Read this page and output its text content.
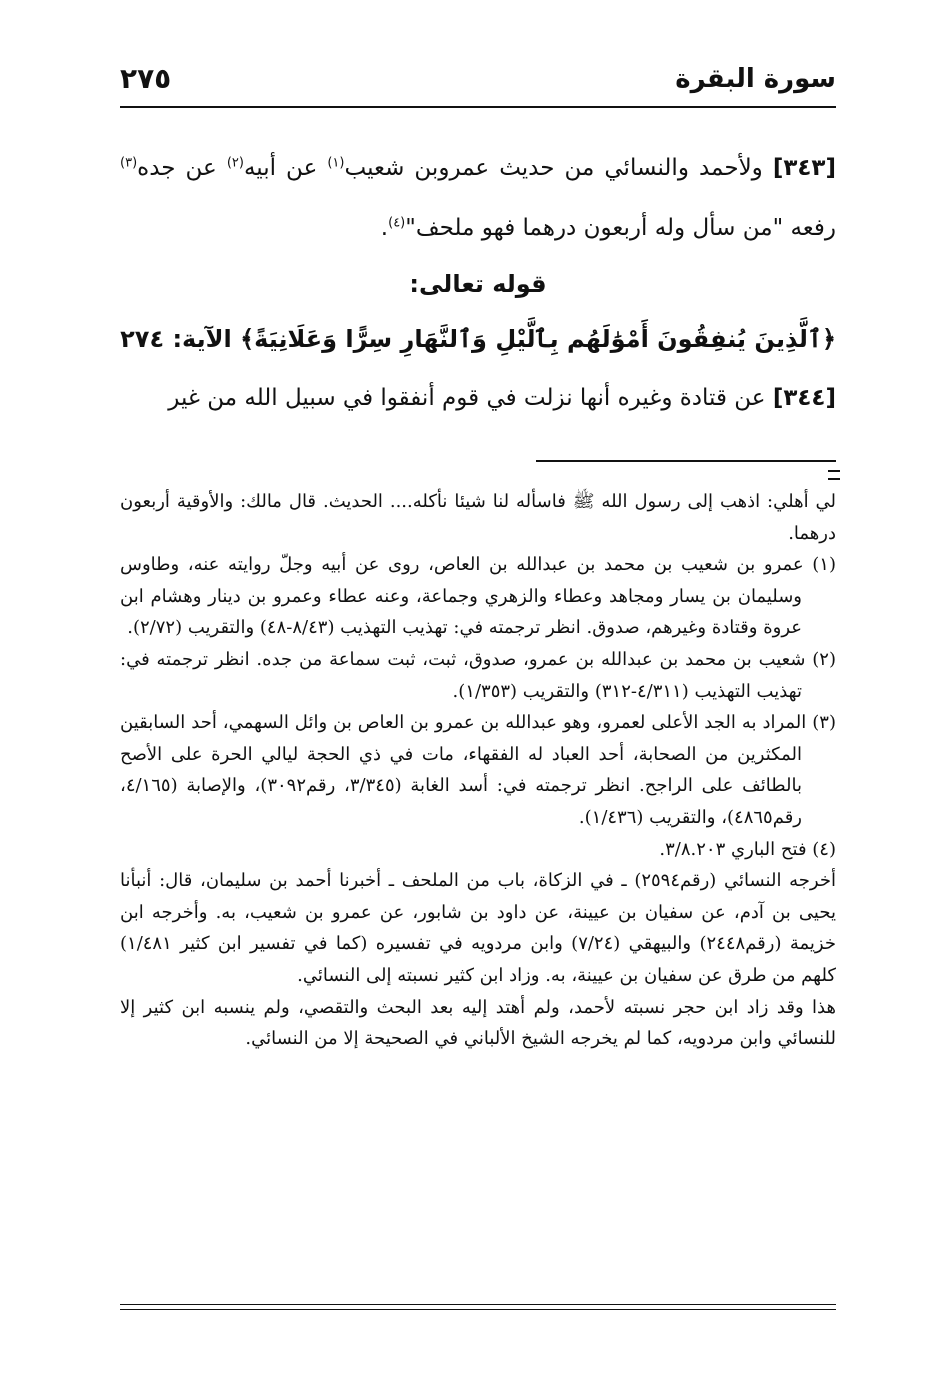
سورة البقرة
٢٧٥

[٣٤٣] ولأحمد والنسائي من حديث عمروبن شعيب$^{(١)}$ عن أبيه$^{(٢)}$ عن جده$^{(٣)}$ رفعه "من سأل وله أربعون درهما فهو ملحف"$^{(٤)}$.

قوله تعالى:

﴿ٱلَّذِينَ يُنفِقُونَ أَمْوَٰلَهُم بِٱلَّيْلِ وَٱلنَّهَارِ سِرًّا وَعَلَانِيَةً﴾ الآية: ٢٧٤

[٣٤٤] عن قتادة وغيره أنها نزلت في قوم أنفقوا في سبيل الله من غير

لي أهلي: اذهب إلى رسول الله ﷺ فاسأله لنا شيئا نأكله.... الحديث. قال مالك: والأوقية أربعون درهما.

(١) عمرو بن شعيب بن محمد بن عبدالله بن العاص، روى عن أبيه وجلّ روايته عنه، وطاوس وسليمان بن يسار ومجاهد وعطاء والزهري وجماعة، وعنه عطاء وعمرو بن دينار وهشام ابن عروة وقتادة وغيرهم، صدوق. انظر ترجمته في: تهذيب التهذيب (٨/٤٣-٤٨) والتقريب (٢/٧٢).

(٢) شعيب بن محمد بن عبدالله بن عمرو، صدوق، ثبت، ثبت سماعة من جده. انظر ترجمته في: تهذيب التهذيب (٤/٣١١-٣١٢) والتقريب (١/٣٥٣).

(٣) المراد به الجد الأعلى لعمرو، وهو عبدالله بن عمرو بن العاص بن وائل السهمي، أحد السابقين المكثرين من الصحابة، أحد العباد له الفقهاء، مات في ذي الحجة ليالي الحرة على الأصح بالطائف على الراجح. انظر ترجمته في: أسد الغابة (٣/٣٤٥، رقم٣٠٩٢)، والإصابة (٤/١٦٥، رقم٤٨٦٥)، والتقريب (١/٤٣٦).

(٤) فتح الباري ٣/٨.٢٠٣.

أخرجه النسائي (رقم٢٥٩٤) ـ في الزكاة، باب من الملحف ـ أخبرنا أحمد بن سليمان، قال: أنبأنا يحيى بن آدم، عن سفيان بن عيينة، عن داود بن شابور، عن عمرو بن شعيب، به. وأخرجه ابن خزيمة (رقم٢٤٤٨) والبيهقي (٧/٢٤) وابن مردويه في تفسيره (كما في تفسير ابن كثير ١/٤٨١) كلهم من طرق عن سفيان بن عيينة، به. وزاد ابن كثير نسبته إلى النسائي.

هذا وقد زاد ابن حجر نسبته لأحمد، ولم أهتد إليه بعد البحث والتقصي، ولم ينسبه ابن كثير إلا للنسائي وابن مردويه، كما لم يخرجه الشيخ الألباني في الصحيحة إلا من النسائي.
